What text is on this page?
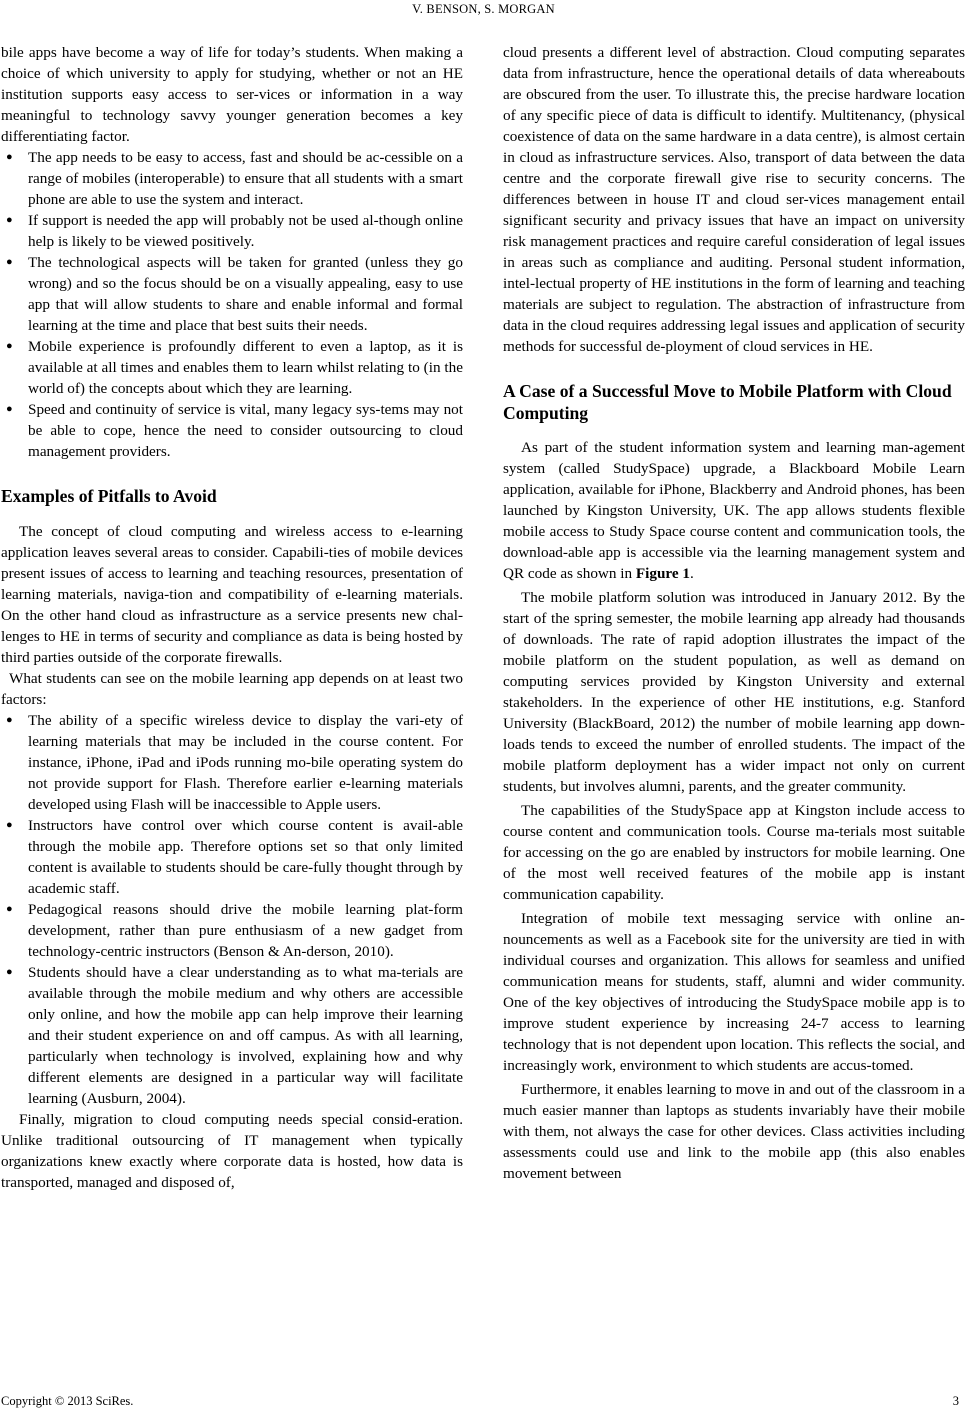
V. BENSON, S. MORGAN

bile apps have become a way of life for today’s students. When making a choice of which university to apply for studying, whether or not an HE institution supports easy access to ser-vices or information in a way meaningful to technology savvy younger generation becomes a key differentiating factor.

● The app needs to be easy to access, fast and should be ac-cessible on a range of mobiles (interoperable) to ensure that all students with a smart phone are able to use the system and interact.
● If support is needed the app will probably not be used al-though online help is likely to be viewed positively.
● The technological aspects will be taken for granted (unless they go wrong) and so the focus should be on a visually appealing, easy to use app that will allow students to share and enable informal and formal learning at the time and place that best suits their needs.
● Mobile experience is profoundly different to even a laptop, as it is available at all times and enables them to learn whilst relating to (in the world of) the concepts about which they are learning.
● Speed and continuity of service is vital, many legacy sys-tems may not be able to cope, hence the need to consider outsourcing to cloud management providers.
Examples of Pitfalls to Avoid

The concept of cloud computing and wireless access to e-learning application leaves several areas to consider. Capabili-ties of mobile devices present issues of access to learning and teaching resources, presentation of learning materials, naviga-tion and compatibility of e-learning materials. On the other hand cloud as infrastructure as a service presents new chal-lenges to HE in terms of security and compliance as data is being hosted by third parties outside of the corporate firewalls.

What students can see on the mobile learning app depends on at least two factors:

● The ability of a specific wireless device to display the vari-ety of learning materials that may be included in the course content. For instance, iPhone, iPad and iPods running mo-bile operating system do not provide support for Flash. Therefore earlier e-learning materials developed using Flash will be inaccessible to Apple users.
● Instructors have control over which course content is avail-able through the mobile app. Therefore options set so that only limited content is available to students should be care-fully thought through by academic staff.
● Pedagogical reasons should drive the mobile learning plat-form development, rather than pure enthusiasm of a new gadget from technology-centric instructors (Benson & An-derson, 2010).
● Students should have a clear understanding as to what ma-terials are available through the mobile medium and why others are accessible only online, and how the mobile app can help improve their learning and their student experience on and off campus. As with all learning, particularly when technology is involved, explaining how and why different elements are designed in a particular way will facilitate learning (Ausburn, 2004).

Finally, migration to cloud computing needs special consid-eration. Unlike traditional outsourcing of IT management when typically organizations knew exactly where corporate data is hosted, how data is transported, managed and disposed of,

cloud presents a different level of abstraction. Cloud computing separates data from infrastructure, hence the operational details of data whereabouts are obscured from the user. To illustrate this, the precise hardware location of any specific piece of data is difficult to identify. Multitenancy, (physical coexistence of data on the same hardware in a data centre), is almost certain in cloud as infrastructure services. Also, transport of data between the data centre and the corporate firewall give rise to security concerns. The differences between in house IT and cloud ser-vices management entail significant security and privacy issues that have an impact on university risk management practices and require careful consideration of legal issues in areas such as compliance and auditing. Personal student information, intel-lectual property of HE institutions in the form of learning and teaching materials are subject to regulation. The abstraction of infrastructure from data in the cloud requires addressing legal issues and application of security methods for successful de-ployment of cloud services in HE.

A Case of a Successful Move to Mobile Platform with Cloud Computing

As part of the student information system and learning man-agement system (called StudySpace) upgrade, a Blackboard Mobile Learn application, available for iPhone, Blackberry and Android phones, has been launched by Kingston University, UK. The app allows students flexible mobile access to Study Space course content and communication tools, the download-able app is accessible via the learning management system and QR code as shown in Figure 1.

The mobile platform solution was introduced in January 2012. By the start of the spring semester, the mobile learning app already had thousands of downloads. The rate of rapid adoption illustrates the impact of the mobile platform on the student population, as well as demand on computing services provided by Kingston University and external stakeholders. In the experience of other HE institutions, e.g. Stanford University (BlackBoard, 2012) the number of mobile learning app down-loads tends to exceed the number of enrolled students. The impact of the mobile platform deployment has a wider impact not only on current students, but involves alumni, parents, and the greater community.

The capabilities of the StudySpace app at Kingston include access to course content and communication tools. Course ma-terials most suitable for accessing on the go are enabled by instructors for mobile learning. One of the most well received features of the mobile app is instant communication capability.

Integration of mobile text messaging service with online an-nouncements as well as a Facebook site for the university are tied in with individual courses and organization. This allows for seamless and unified communication means for students, staff, alumni and wider community. One of the key objectives of introducing the StudySpace mobile app is to improve student experience by increasing 24-7 access to learning technology that is not dependent upon location. This reflects the social, and increasingly work, environment to which students are accus-tomed.

Furthermore, it enables learning to move in and out of the classroom in a much easier manner than laptops as students invariably have their mobile with them, not always the case for other devices. Class activities including assessments could use and link to the mobile app (this also enables movement between

Copyright © 2013 SciRes.	3
